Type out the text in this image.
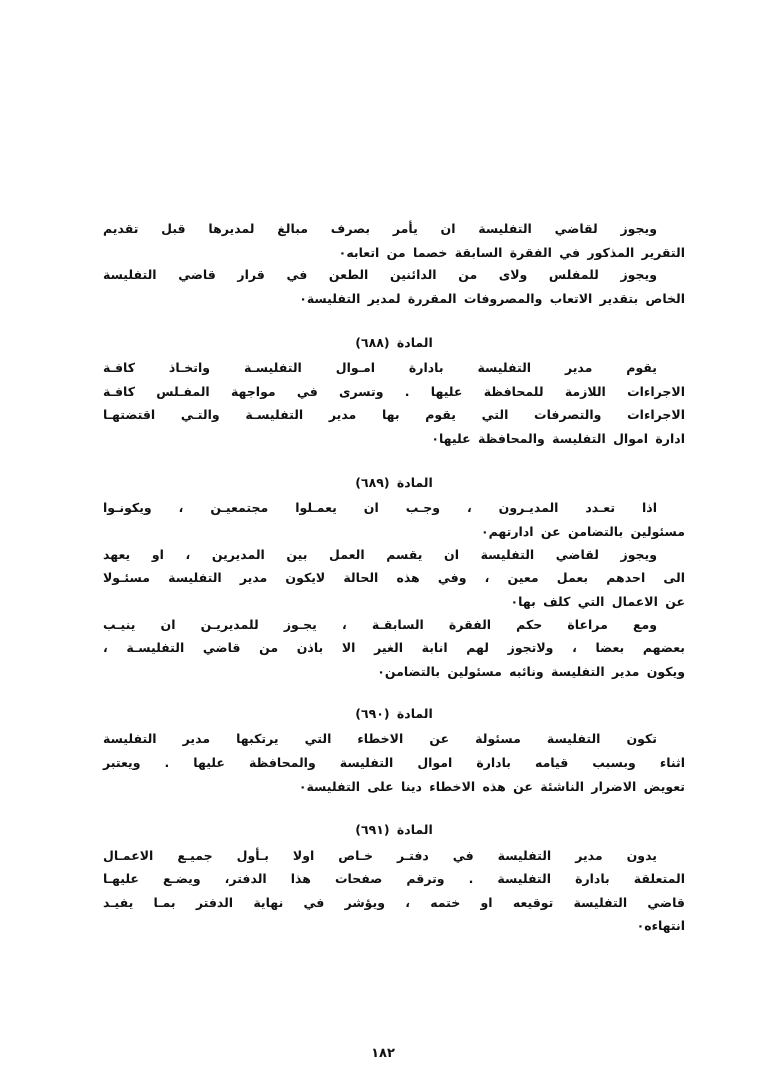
ويجوز لقاضي التفليسة ان يأمر بصرف مبالغ لمديرها قبل تقديم
التقرير المذكور في الفقرة السابقة خصما من اتعابه٠
ويجوز للمفلس ولاى من الدائنين الطعن في قرار قاضي التفليسة
الخاص بتقدير الاتعاب والمصروفات المقررة لمدير التفليسة٠
المادة (٦٨٨)
يقوم مدير التفليسة بادارة امـوال التفليسـة واتخـاذ كافـة
الاجراءات اللازمة للمحافظة عليها . وتسرى في مواجهة المفـلس كافـة
الاجراءات والتصرفات التي يقوم بها مدير التفليسـة والتـي اقتضتهـا
ادارة اموال التفليسة والمحافظة عليها٠
المادة (٦٨٩)
اذا تعـدد المديـرون ، وجـب ان يعمـلوا مجتمعيـن ، ويكونـوا
مسئولين بالتضامن عن ادارتهم٠
ويجوز لقاضي التفليسة ان يقسم العمل بين المديرين ، او يعهد
الى احدهم بعمل معين ، وفي هذه الحالة لايكون مدير التفليسة مسئـولا
عن الاعمال التي كلف بها٠
ومع مراعاة حكم الفقرة السابقـة ، يجـوز للمديريـن ان ينيـب
بعضهم بعضا ، ولاتجوز لهم انابة الغير الا باذن من قاضي التفليسـة ،
ويكون مدير التفليسة ونائبه مسئولين بالتضامن٠
المادة (٦٩٠)
تكون التفليسة مسئولة عن الاخطاء التي يرتكبها مدير التفليسة
اثناء وبسبب قيامه بادارة اموال التفليسة والمحافظة عليها . ويعتبر
تعويض الاضرار الناشئة عن هذه الاخطاء دينا على التفليسة٠
المادة (٦٩١)
يدون مدير التفليسة في دفتـر خـاص اولا بـأول جميـع الاعمـال
المتعلقة بادارة التفليسة . وترقم صفحات هذا الدفتر، ويضـع عليهـا
قاضي التفليسة توقيعه او ختمه ، ويؤشر في نهاية الدفتر بمـا يفيـد
انتهاءه٠
١٨٢
